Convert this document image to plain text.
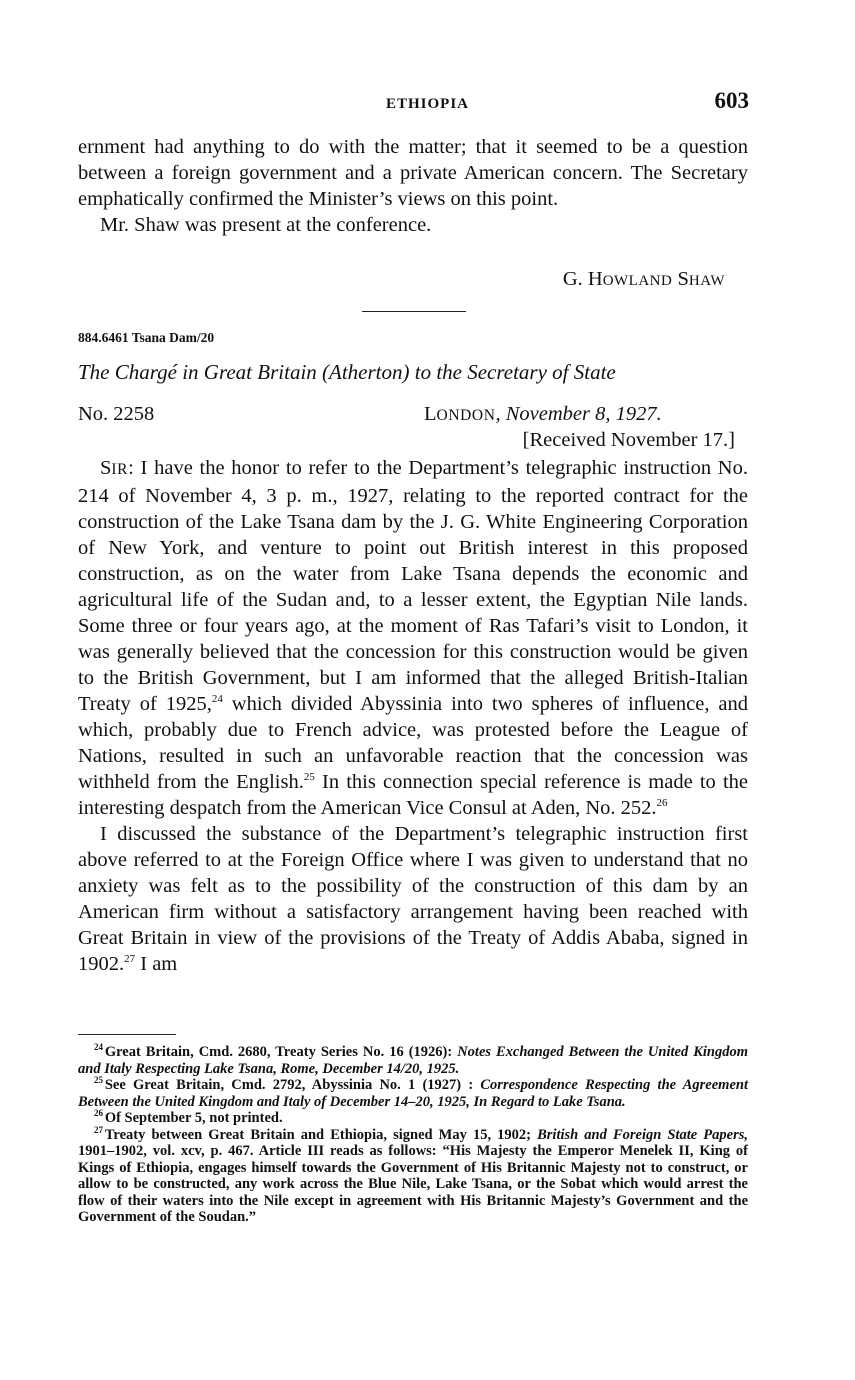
ETHIOPIA	603

ernment had anything to do with the matter; that it seemed to be a question between a foreign government and a private American concern. The Secretary emphatically confirmed the Minister’s views on this point.

Mr. Shaw was present at the conference.

G. HOWLAND SHAW
884.6461 Tsana Dam/20
The Chargé in Great Britain (Atherton) to the Secretary of State
No. 2258	LONDON, November 8, 1927.
[Received November 17.]

SIR: I have the honor to refer to the Department’s telegraphic instruction No. 214 of November 4, 3 p. m., 1927, relating to the reported contract for the construction of the Lake Tsana dam by the J. G. White Engineering Corporation of New York, and venture to point out British interest in this proposed construction, as on the water from Lake Tsana depends the economic and agricultural life of the Sudan and, to a lesser extent, the Egyptian Nile lands. Some three or four years ago, at the moment of Ras Tafari’s visit to London, it was generally believed that the concession for this construction would be given to the British Government, but I am informed that the alleged British-Italian Treaty of 1925,24 which divided Abyssinia into two spheres of influence, and which, probably due to French advice, was protested before the League of Nations, resulted in such an unfavorable reaction that the concession was withheld from the English.$^{25}$ In this connection special reference is made to the interesting despatch from the American Vice Consul at Aden, No. 252.26

I discussed the substance of the Department’s telegraphic instruction first above referred to at the Foreign Office where I was given to understand that no anxiety was felt as to the possibility of the construction of this dam by an American firm without a satisfactory arrangement having been reached with Great Britain in view of the provisions of the Treaty of Addis Ababa, signed in 1902.27 I am

$^{24}$ Great Britain, Cmd. 2680, Treaty Series No. 16 (1926): Notes Exchanged Between the United Kingdom and Italy Respecting Lake Tsana, Rome, December 14/20, 1925.

$^{25}$ See Great Britain, Cmd. 2792, Abyssinia No. 1 (1927) : Correspondence Respecting the Agreement Between the United Kingdom and Italy of December 14–20, 1925, In Regard to Lake Tsana.

$^{26}$ Of September 5, not printed.

$^{27}$ Treaty between Great Britain and Ethiopia, signed May 15, 1902; British and Foreign State Papers, 1901–1902, vol. xcv, p. 467. Article III reads as follows: “His Majesty the Emperor Menelek II, King of Kings of Ethiopia, engages himself towards the Government of His Britannic Majesty not to construct, or allow to be constructed, any work across the Blue Nile, Lake Tsana, or the Sobat which would arrest the flow of their waters into the Nile except in agreement with His Britannic Majesty’s Government and the Government of the Soudan.”
